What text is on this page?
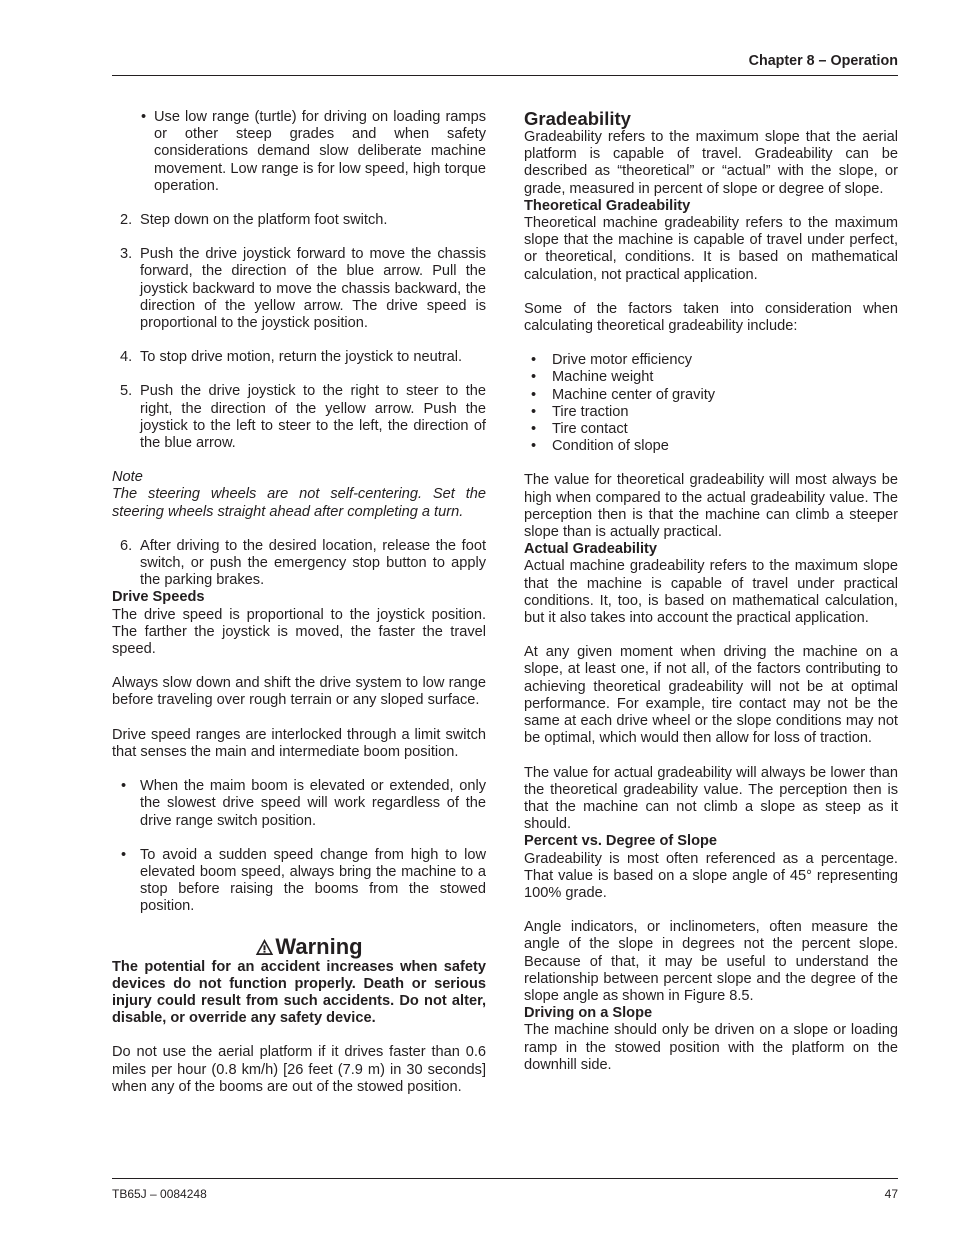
Chapter 8 – Operation
• Use low range (turtle) for driving on loading ramps or other steep grades and when safety considerations demand slow deliberate machine movement. Low range is for low speed, high torque operation.
2. Step down on the platform foot switch.
3. Push the drive joystick forward to move the chassis forward, the direction of the blue arrow. Pull the joystick backward to move the chassis backward, the direction of the yellow arrow. The drive speed is proportional to the joystick position.
4. To stop drive motion, return the joystick to neutral.
5. Push the drive joystick to the right to steer to the right, the direction of the yellow arrow. Push the joystick to the left to steer to the left, the direction of the blue arrow.

Note

The steering wheels are not self-centering. Set the steering wheels straight ahead after completing a turn.

6. After driving to the desired location, release the foot switch, or push the emergency stop button to apply the parking brakes.
Drive Speeds

The drive speed is proportional to the joystick position. The farther the joystick is moved, the faster the travel speed.

Always slow down and shift the drive system to low range before traveling over rough terrain or any sloped surface.

Drive speed ranges are interlocked through a limit switch that senses the main and intermediate boom position.

• When the maim boom is elevated or extended, only the slowest drive speed will work regardless of the drive range switch position.
• To avoid a sudden speed change from high to low elevated boom speed, always bring the machine to a stop before raising the booms from the stowed position.
Warning

The potential for an accident increases when safety devices do not function properly. Death or serious injury could result from such accidents. Do not alter, disable, or override any safety device.

Do not use the aerial platform if it drives faster than 0.6 miles per hour (0.8 km/h) [26 feet (7.9 m) in 30 seconds] when any of the booms are out of the stowed position.

Gradeability

Gradeability refers to the maximum slope that the aerial platform is capable of travel. Gradeability can be described as “theoretical” or “actual” with the slope, or grade, measured in percent of slope or degree of slope.

Theoretical Gradeability

Theoretical machine gradeability refers to the maximum slope that the machine is capable of travel under perfect, or theoretical, conditions. It is based on mathematical calculation, not practical application.

Some of the factors taken into consideration when calculating theoretical gradeability include:

• Drive motor efficiency
• Machine weight
• Machine center of gravity
• Tire traction
• Tire contact
• Condition of slope

The value for theoretical gradeability will most always be high when compared to the actual gradeability value. The perception then is that the machine can climb a steeper slope than is actually practical.

Actual Gradeability

Actual machine gradeability refers to the maximum slope that the machine is capable of travel under practical conditions. It, too, is based on mathematical calculation, but it also takes into account the practical application.

At any given moment when driving the machine on a slope, at least one, if not all, of the factors contributing to achieving theoretical gradeability will not be at optimal performance. For example, tire contact may not be the same at each drive wheel or the slope conditions may not be optimal, which would then allow for loss of traction.

The value for actual gradeability will always be lower than the theoretical gradeability value. The perception then is that the machine can not climb a slope as steep as it should.

Percent vs. Degree of Slope

Gradeability is most often referenced as a percentage. That value is based on a slope angle of 45° representing 100% grade.

Angle indicators, or inclinometers, often measure the angle of the slope in degrees not the percent slope. Because of that, it may be useful to understand the relationship between percent slope and the degree of the slope angle as shown in Figure 8.5.

Driving on a Slope

The machine should only be driven on a slope or loading ramp in the stowed position with the platform on the downhill side.

TB65J – 0084248	47
